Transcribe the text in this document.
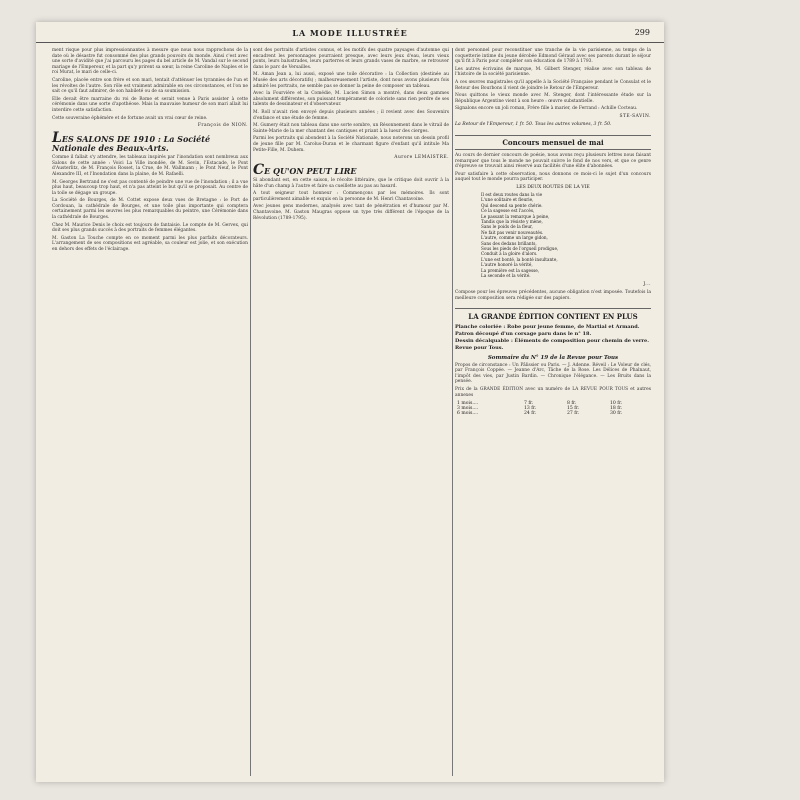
LA MODE ILLUSTRÉE	299

ment risque pour plus impressionnantes à mesure que nous nous rapprochons de la date où le désastre fut consommé des plus grands pouvoirs du monde. Ainsi c'est avec une sorte d'avidité que j'ai parcouru les pages du bel article de M. Vandal sur le second mariage de l'Empereur, et la part qu'y prirent sa sœur, la reine Caroline de Naples et le roi Murat, le mari de celle-ci.

Caroline, placée entre son frère et son mari, tentait d'atténuer les tyrannies de l'un et les révoltes de l'autre. Son rôle est vraiment admirable en ces circonstances, et l'on ne sait ce qu'il faut admirer, de son habileté ou de sa soumission.

Elle devait être marraine du roi de Rome et serait venue à Paris assister à cette cérémonie dans une sorte d'apothéose. Mais la mauvaise humeur de son mari allait lui interdire cette satisfaction.

Cette souveraine éphémère et de fortune avait un vrai cœur de reine.

François de NION.
LES SALONS DE 1910 : La Société Nationale des Beaux-Arts.

Comme il fallait s'y attendre, les tableaux inspirés par l'inondation sont nombreux aux Salons de cette année : Voici La Ville inondée, de M. Sevin, l'Estacade, le Pont d'Austerlitz, de M. François Rosset, la Crue, de M. Wallmann ; le Pont Neuf, le Pont Alexandre III, et l'Inondation dans la plaine, de M. Rafaelli.

M. Georges Bertrand ne s'est pas contenté de peindre une vue de l'inondation ; il a vue plus haut, beaucoup trop haut, et n'a pas atteint le but qu'il se proposait. Au centre de la toile se dégage un groupe.

La Société de Bourges, de M. Cottet expose deux vues de Bretagne : le Port de Cordouan, la cathédrale de Bourges, et une toile plus importante qui comptera certainement parmi les œuvres les plus remarquables du peintre, une Cérémonie dans la cathédrale de Bourges.

Chez M. Maurice Denis le choix est toujours de fantaisie. Le compte de M. Gervex, qui doit ses plus grands succès à des portraits de femmes élégantes.

M. Gaston La Touche compte en ce moment parmi les plus parfaits décorateurs. L'arrangement de ses compositions est agréable, sa couleur est jolie, et son exécution en dehors des effets de l'éclairage.

sont des portraits d'artistes connus, et les motifs des quatre paysages d'automne qui encadrent les personnages pourraient presque, avec leurs jeux d'eau, leurs vieux ponts, leurs balustrades, leurs parterres et leurs grands vases de marbre, se retrouver dans le parc de Versailles.

M. Aman Jean a, lui aussi, exposé une toile décorative : la Collection (destinée au Musée des arts décoratifs) ; malheureusement l'artiste, dont nous avons plusieurs fois admiré les portraits, ne semble pas se donner la peine de composer un tableau.

Avec la Fourvière et la Comédie, M. Lucien Simon a montré, dans deux gammes absolument différentes, son puissant tempérament de coloriste sans rien perdre de ses talents de dessinateur et d'observateur.

M. Roll n'avait rien envoyé depuis plusieurs années ; il revient avec des Souvenirs d'enfance et une étude de femme.

M. Gumery était non tableau dans une sorte sombre, un Résonnement dans le vitrail de Sainte-Marie de la mer chantant des cantiques et priant à la lueur des cierges.

Parmi les portraits qui abondent à la Société Nationale, nous noterons un dessin profil de jeune fille par M. Carolus-Duran et le charmant figure d'enfant qu'il intitule Ma Petite-Fille, M. Duhem.

Aurore LEMAISTRE.
CE QU'ON PEUT LIRE

Si abondant est, en cette saison, le récolte littéraire, que le critique doit ouvrir à la hâte d'un champ à l'autre et faire sa cueillette au pas au hasard.

A tout seigneur tout honneur : Commençons par les mémoires. Ils sont particulièrement aimable et exquis en la personne de M. Henri Chantavoine.

Avec jeunes gens modernes, analysés avec tant de pénétration et d'humour par M. Chantavoine, M. Gaston Maugras oppose un type très différent de l'époque de la Révolution (1789-1795).

dont personnel pour reconstituer une tranche de la vie parisienne, au temps de la coquetterie intime du jeune dérobée Edmond Géraud avec ses parents durant le séjour qu'il fit à Paris pour compléter son éducation de 1789 à 1793.

Les autres écrivains de marque, M. Gilbert Stenger, réalise avec son tableau de l'histoire de la société parisienne.

A ces œuvres magistrales qu'il appelle à la Société Française pendant le Consulat et le Retour des Bourbons il vient de joindre le Retour de l'Empereur.

Nous quittons le vieux monde avec M. Stenger, dont l'intéressante étude sur la République Argentine vient à son heure : œuvre substantielle.

Signalons encore un joli roman, Frère fille à marier, de Ferrand : Achille Cocteau.

STE-SAVIN.

La Retour de l'Empereur, 1 fr. 50. Tous les autres volumes, 3 fr. 50.

Concours mensuel de mai

Au cours de dernier concours de poésie, nous avons reçu plusieurs lettres nous faisant remarquer que tous le monde ne pouvait suivre le fond de nos vers, et que ce genre d'épreuve se trouvait ainsi réservé aux facilités d'une élite d'abonnées.

Pour satisfaire à cette observation, nous donnons ce mois-ci le sujet d'un concours auquel tout le monde pourra participer.

LES DEUX ROUTES DE LA VIE
Il est deux routes dans la vie
L'une solitaire et fleurie,
Qui descend sa pente chérie.
Ce la sagesse est l'accès,
Le passant la remarque à peine,
Tandis que la résiste y mène,
Sans le poids de la fleur,
Ne fait pas venir nouveautés.
L'autre, comme un large gidon,
Sans des dedans brillants,
Sous les pieds de l'orgueil prodigue,
Conduit à la gloire d'alors.
L'une est bonté, la bonté insultante,
L'autre honoré la vérité,
La première est la sagesse,
La seconde et la vérité.
J...

Compose pour les épreuves précédentes, aucune obligation n'est imposée. Toutefois la meilleure composition sera rédigée sur des papiers.

LA GRANDE ÉDITION CONTIENT EN PLUS
Planche coloriée : Robe pour jeune femme, de Martial et Armand.
Patron découpé d'un corsage paru dans le n° 18.
Dessin décalquable : Éléments de composition pour chemin de verre.
Revue pour Tous.
Sommaire du N° 19 de la Revue pour Tous

Propos de circonstance : Un Pâlissier ou Paris. — J. Adenne. Réveil : Le Voleur de clés, par François Coppée. — Jeanne d'Arc, Tâche de la Rose. Les Délices de Phalnaut, l'impôt des vies, par Justin Bardin. — Chronique l'élégance. — Les Bruits dans la pensée.

Prix de la GRANDE ÉDITION avec un numéro de LA REVUE POUR TOUS et autres annexes

1 mois....	7 fr.	8 fr.	10 fr.
3 mois....	13 fr.	15 fr.	18 fr.
6 mois....	24 fr.	27 fr.	30 fr.
